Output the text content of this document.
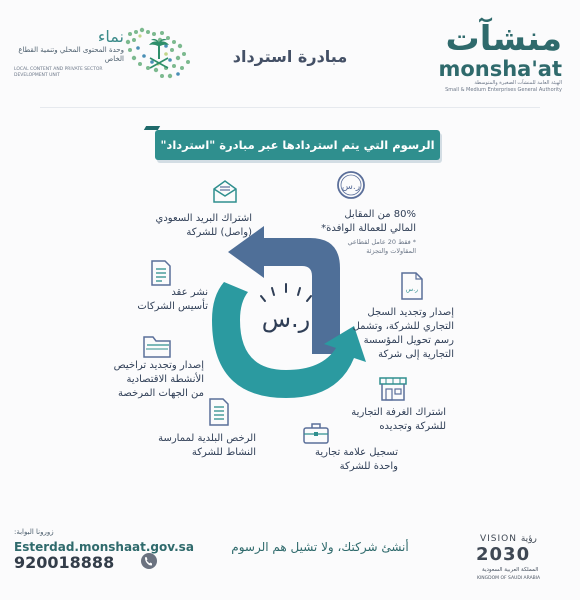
نماء
وحدة المحتوى المحلي وتنمية القطاع الخاص
LOCAL CONTENT AND PRIVATE SECTOR DEVELOPMENT UNIT
مبادرة استرداد	منشآت
monsha'at
الهيئة العامة للمنشآت الصغيرة والمتوسطة
Small & Medium Enterprises General Authority
الرسوم التي يتم استردادها عبر مبادرة "استرداد"
ر.س
ر.س
80% من المقابل
المالي للعمالة الوافدة*
* فقط 20 عامل لقطاعي
المقاولات والتجزئة
اشتراك البريد السعودي
(واصل) للشركة
نشر عقد
تأسيس الشركات
ر.س
إصدار وتجديد السجل
التجاري للشركة، وتشمل
رسم تحويل المؤسسة
التجارية إلى شركة
إصدار وتجديد تراخيص
الأنشطة الاقتصادية
من الجهات المرخصة
اشتراك الغرفة التجارية
للشركة وتجديده
الرخص البلدية لممارسة
النشاط للشركة	تسجيل علامة تجارية
واحدة للشركة
زورونا البوابة:
Esterdad.monshaat.gov.sa
920018888
أنشئ شركتك، ولا تشيل هم الرسوم
VISION رؤية
2030
المملكة العربية السعودية
KINGDOM OF SAUDI ARABIA
